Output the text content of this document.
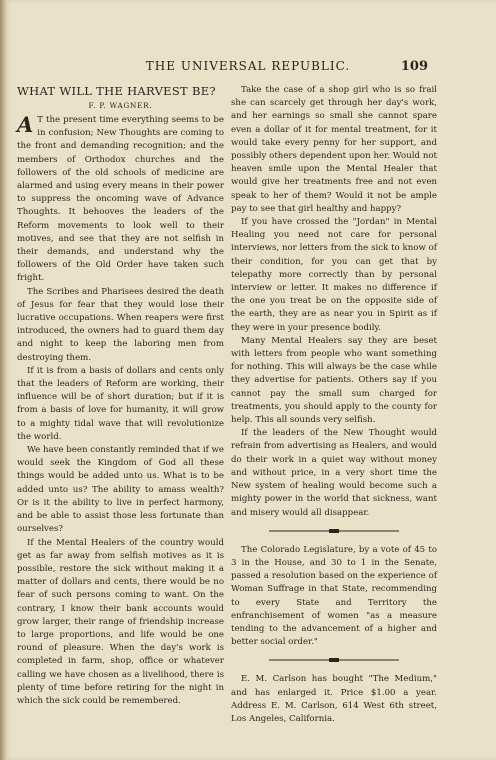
THE UNIVERSAL REPUBLIC.	109
WHAT WILL THE HARVEST BE?
F. P. WAGNER.

A T the present time everything seems to be in confusion; New Thoughts are coming to the front and demanding recognition; and the members of Orthodox churches and the followers of the old schools of medicine are alarmed and using every means in their power to suppress the oncoming wave of Advance Thoughts. It behooves the leaders of the Reform movements to look well to their motives, and see that they are not selfish in their demands, and understand why the followers of the Old Order have taken such fright.

The Scribes and Pharisees desired the death of Jesus for fear that they would lose their lucrative occupations. When reapers were first introduced, the owners had to guard them day and night to keep the laboring men from destroying them.

If it is from a basis of dollars and cents only that the leaders of Reform are working, their influence will be of short duration; but if it is from a basis of love for humanity, it will grow to a mighty tidal wave that will revolutionize the world.

We have been constantly reminded that if we would seek the Kingdom of God all these things would be added unto us. What is to be added unto us? The ability to amass wealth? Or is it the ability to live in perfect harmony, and be able to assist those less fortunate than ourselves?

If the Mental Healers of the country would get as far away from selfish motives as it is possible, restore the sick without making it a matter of dollars and cents, there would be no fear of such persons coming to want. On the contrary, I know their bank accounts would grow larger, their range of friendship increase to large proportions, and life would be one round of pleasure. When the day's work is completed in farm, shop, office or whatever calling we have chosen as a livelihood, there is plenty of time before retiring for the night in which the sick could be remembered.

Take the case of a shop girl who is so frail she can scarcely get through her day's work, and her earnings so small she cannot spare even a dollar of it for mental treatment, for it would take every penny for her support, and possibly others dependent upon her. Would not heaven smile upon the Mental Healer that would give her treatments free and not even speak to her of them? Would it not be ample pay to see that girl healthy and happy?

If you have crossed the "Jordan" in Mental Healing you need not care for personal interviews, nor letters from the sick to know of their condition, for you can get that by telepathy more correctly than by personal interview or letter. It makes no difference if the one you treat be on the opposite side of the earth, they are as near you in Spirit as if they were in your presence bodily.

Many Mental Healers say they are beset with letters from people who want something for nothing. This will always be the case while they advertise for patients. Others say if you cannot pay the small sum charged for treatments, you should apply to the county for help. This all sounds very selfish.

If the leaders of the New Thought would refrain from advertising as Healers, and would do their work in a quiet way without money and without price, in a very short time the New system of healing would become such a mighty power in the world that sickness, want and misery would all disappear.

The Colorado Legislature, by a vote of 45 to 3 in the House, and 30 to 1 in the Senate, passed a resolution based on the experience of Woman Suffrage in that State, recommending to every State and Territory the enfranchisement of women "as a measure tending to the advancement of a higher and better social order."

E. M. Carlson has bought "The Medium," and has enlarged it. Price $1.00 a year. Address E. M. Carlson, 614 West 6th street, Los Angeles, California.
